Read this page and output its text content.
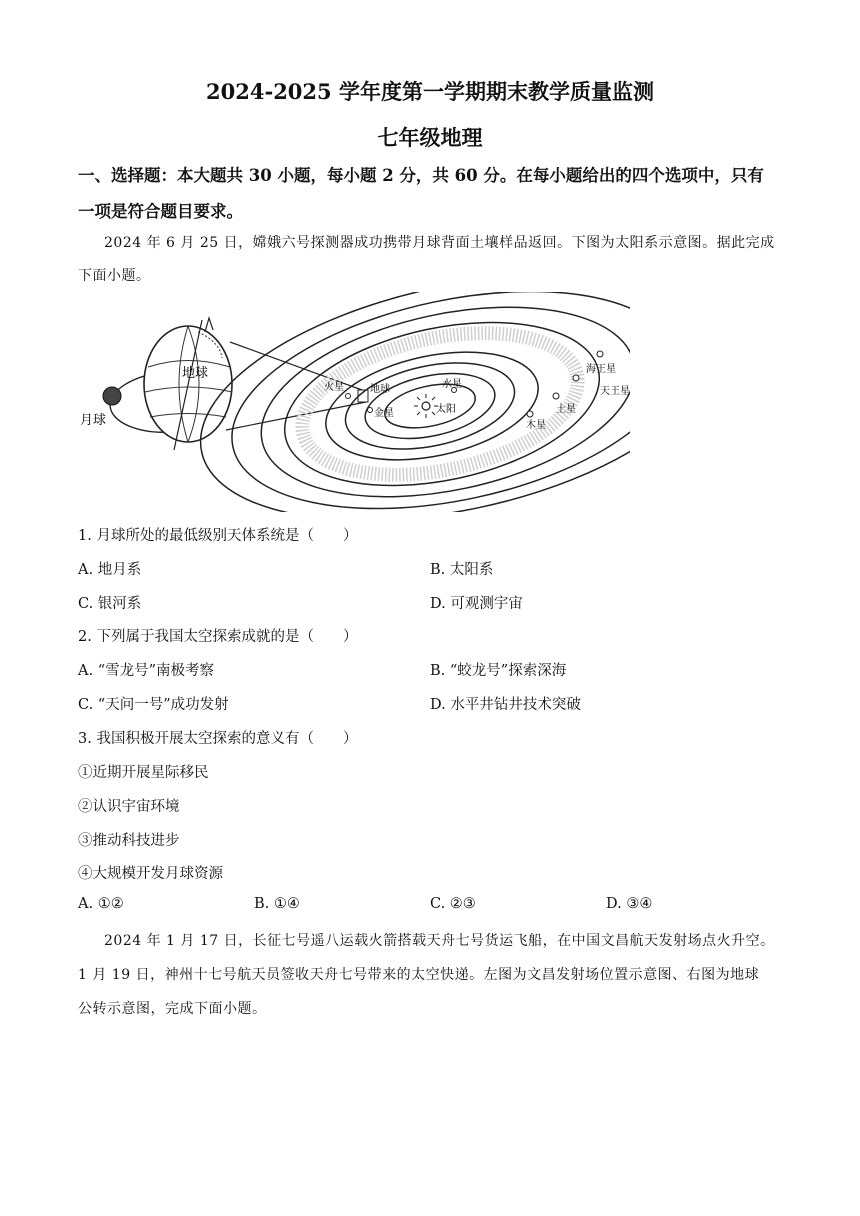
2024-2025 学年度第一学期期末教学质量监测
七年级地理
一、选择题：本大题共 30 小题，每小题 2 分，共 60 分。在每小题给出的四个选项中，只有
一项是符合题目要求。
2024 年 6 月 25 日，嫦娥六号探测器成功携带月球背面土壤样品返回。下图为太阳系示意图。据此完成
下面小题。
地球
月球
太阳
水星
金星
地球
火星
木星
土星
天王星
海王星
1. 月球所处的最低级别天体系统是（　　）
A. 地月系	B. 太阳系
C. 银河系	D. 可观测宇宙
2. 下列属于我国太空探索成就的是（　　）
A. “雪龙号”南极考察	B. “蛟龙号”探索深海
C. “天问一号”成功发射	D. 水平井钻井技术突破
3. 我国积极开展太空探索的意义有（　　）
①近期开展星际移民
②认识宇宙环境
③推动科技进步
④大规模开发月球资源
A. ①②	B. ①④	C. ②③	D. ③④
2024 年 1 月 17 日，长征七号遥八运载火箭搭载天舟七号货运飞船，在中国文昌航天发射场点火升空。
1 月 19 日，神州十七号航天员签收天舟七号带来的太空快递。左图为文昌发射场位置示意图、右图为地球
公转示意图，完成下面小题。
